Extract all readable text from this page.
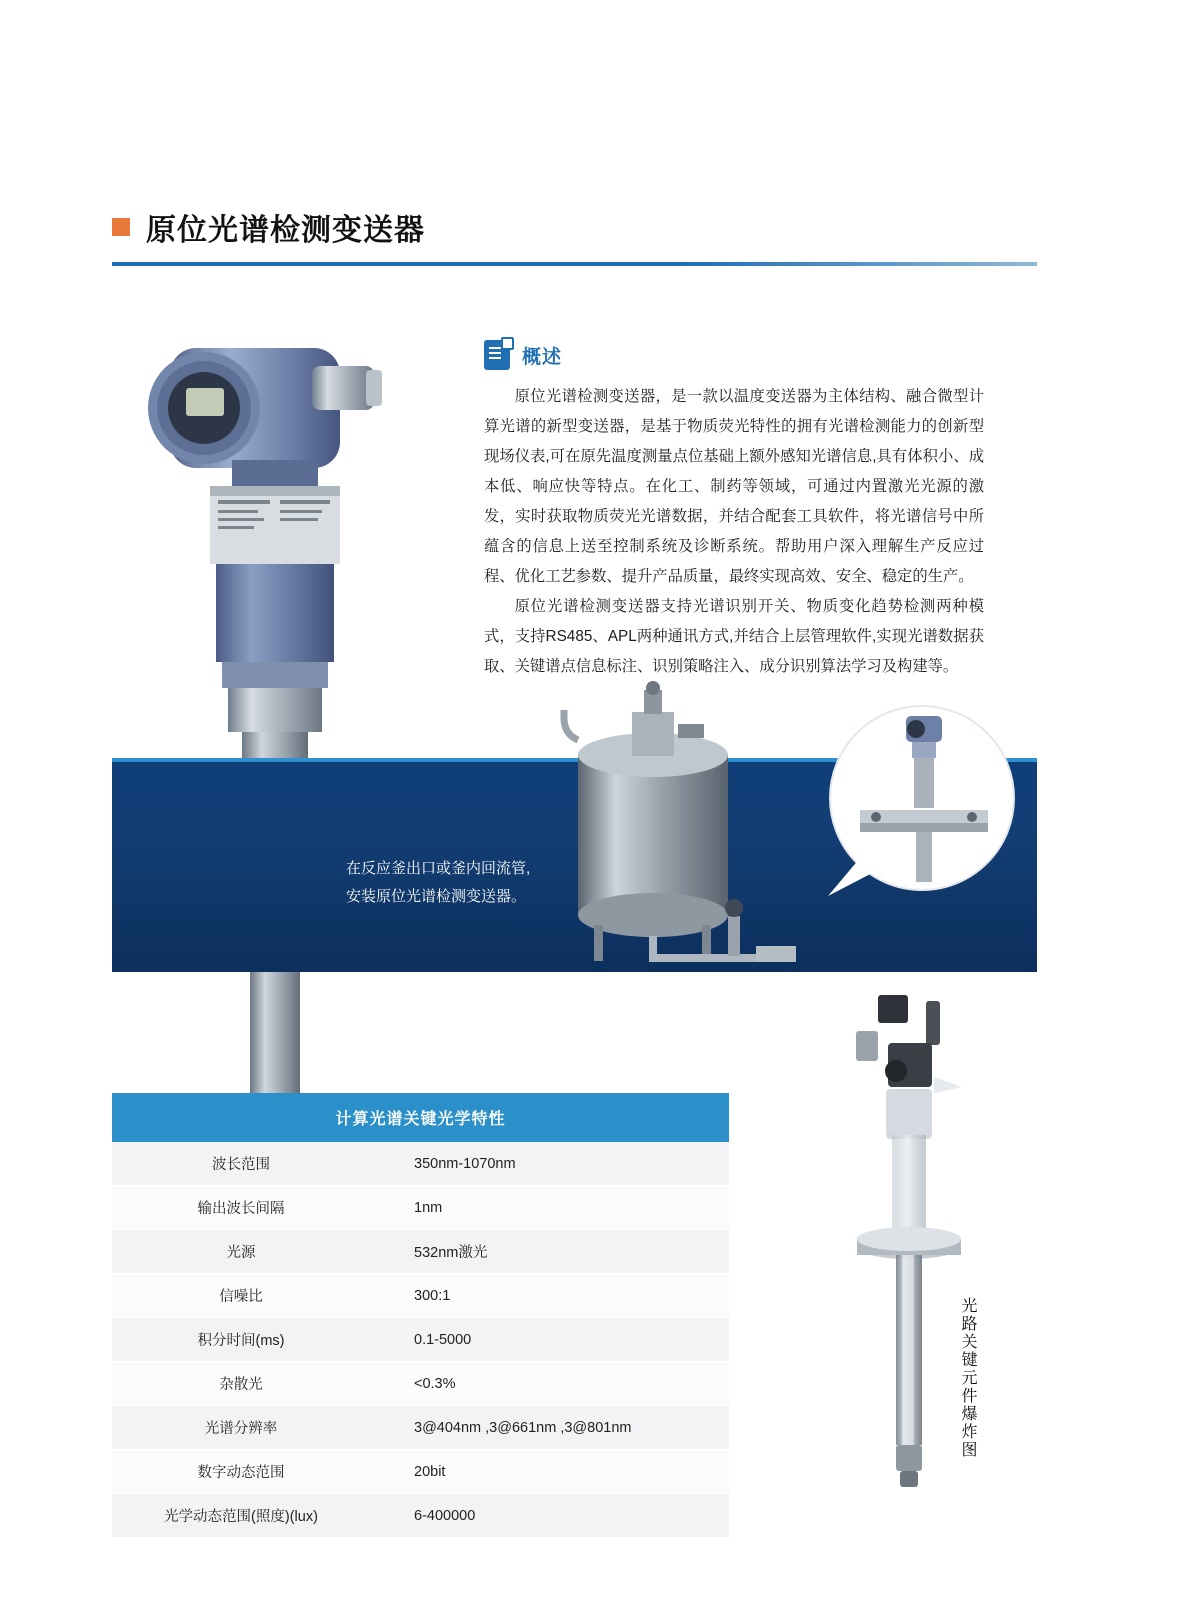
原位光谱检测变送器
在反应釜出口或釜内回流管,
安装原位光谱检测变送器。
概述

原位光谱检测变送器，是一款以温度变送器为主体结构、融合微型计算光谱的新型变送器，是基于物质荧光特性的拥有光谱检测能力的创新型现场仪表,可在原先温度测量点位基础上额外感知光谱信息,具有体积小、成本低、响应快等特点。在化工、制药等领域，可通过内置激光光源的激发，实时获取物质荧光光谱数据，并结合配套工具软件，将光谱信号中所蕴含的信息上送至控制系统及诊断系统。帮助用户深入理解生产反应过程、优化工艺参数、提升产品质量，最终实现高效、安全、稳定的生产。

原位光谱检测变送器支持光谱识别开关、物质变化趋势检测两种模式，支持RS485、APL两种通讯方式,并结合上层管理软件,实现光谱数据获取、关键谱点信息标注、识别策略注入、成分识别算法学习及构建等。

计算光谱关键光学特性	
波长范围	350nm-1070nm
输出波长间隔	1nm
光源	532nm激光
信噪比	300:1
积分时间(ms)	0.1-5000
杂散光	<0.3%
光谱分辨率	3@404nm ,3@661nm ,3@801nm
数字动态范围	20bit
光学动态范围(照度)(lux)	6-400000
光路关键元件爆炸图
